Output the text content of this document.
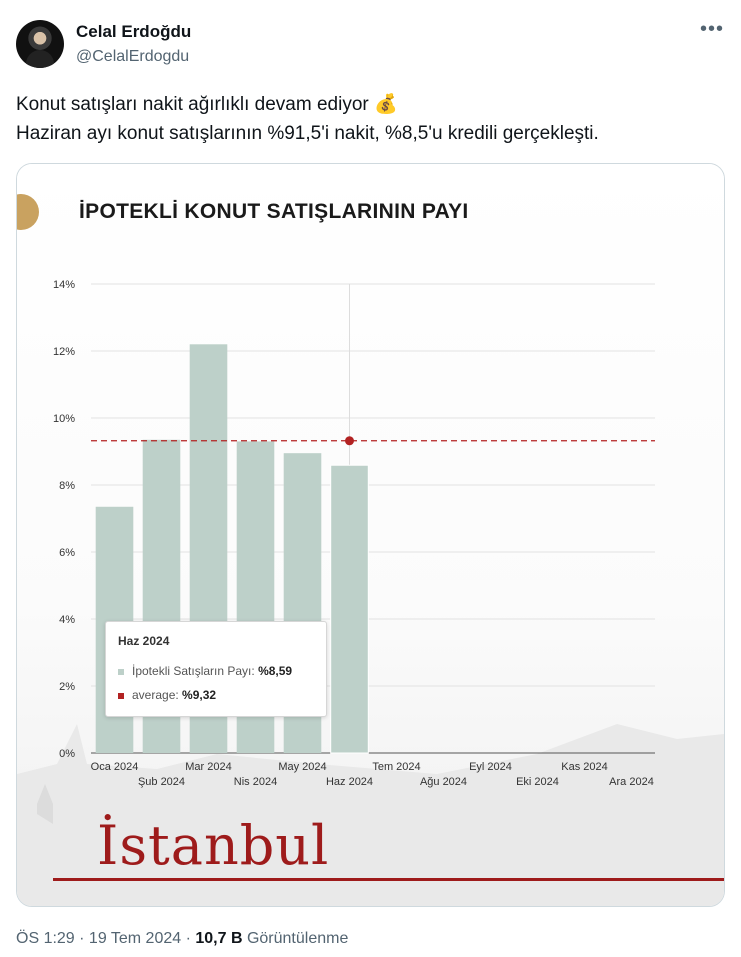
Celal Erdoğdu
@CelalErdogdu
•••
Konut satışları nakit ağırlıklı devam ediyor 💰
Haziran ayı konut satışlarının %91,5'i nakit, %8,5'u kredili gerçekleşti.
İPOTEKLİ KONUT SATIŞLARININ PAYI
0%
2%
4%
6%
8%
10%
12%
14%
Oca 2024
Şub 2024
Mar 2024
Nis 2024
May 2024
Haz 2024
Tem 2024
Ağu 2024
Eyl 2024
Eki 2024
Kas 2024
Ara 2024
Haz 2024
İpotekli Satışların Payı: %8,59
average: %9,32
İstanbul
ÖS 1:29 · 19 Tem 2024 · 10,7 B Görüntülenme
